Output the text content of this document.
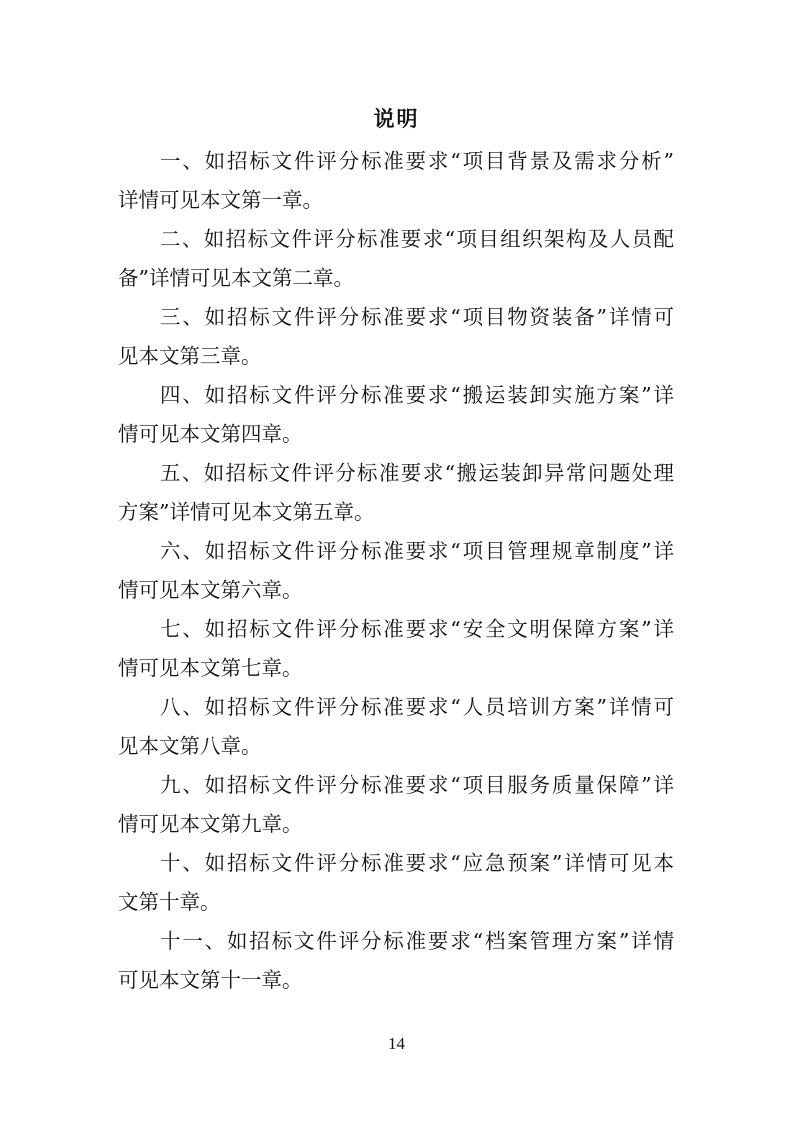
说明

一、如招标文件评分标准要求“项目背景及需求分析”
详情可见本文第一章。

二、如招标文件评分标准要求“项目组织架构及人员配
备”详情可见本文第二章。

三、如招标文件评分标准要求“项目物资装备”详情可
见本文第三章。

四、如招标文件评分标准要求“搬运装卸实施方案”详
情可见本文第四章。

五、如招标文件评分标准要求“搬运装卸异常问题处理
方案”详情可见本文第五章。

六、如招标文件评分标准要求“项目管理规章制度”详
情可见本文第六章。

七、如招标文件评分标准要求“安全文明保障方案”详
情可见本文第七章。

八、如招标文件评分标准要求“人员培训方案”详情可
见本文第八章。

九、如招标文件评分标准要求“项目服务质量保障”详
情可见本文第九章。

十、如招标文件评分标准要求“应急预案”详情可见本
文第十章。

十一、如招标文件评分标准要求“档案管理方案”详情
可见本文第十一章。

14
